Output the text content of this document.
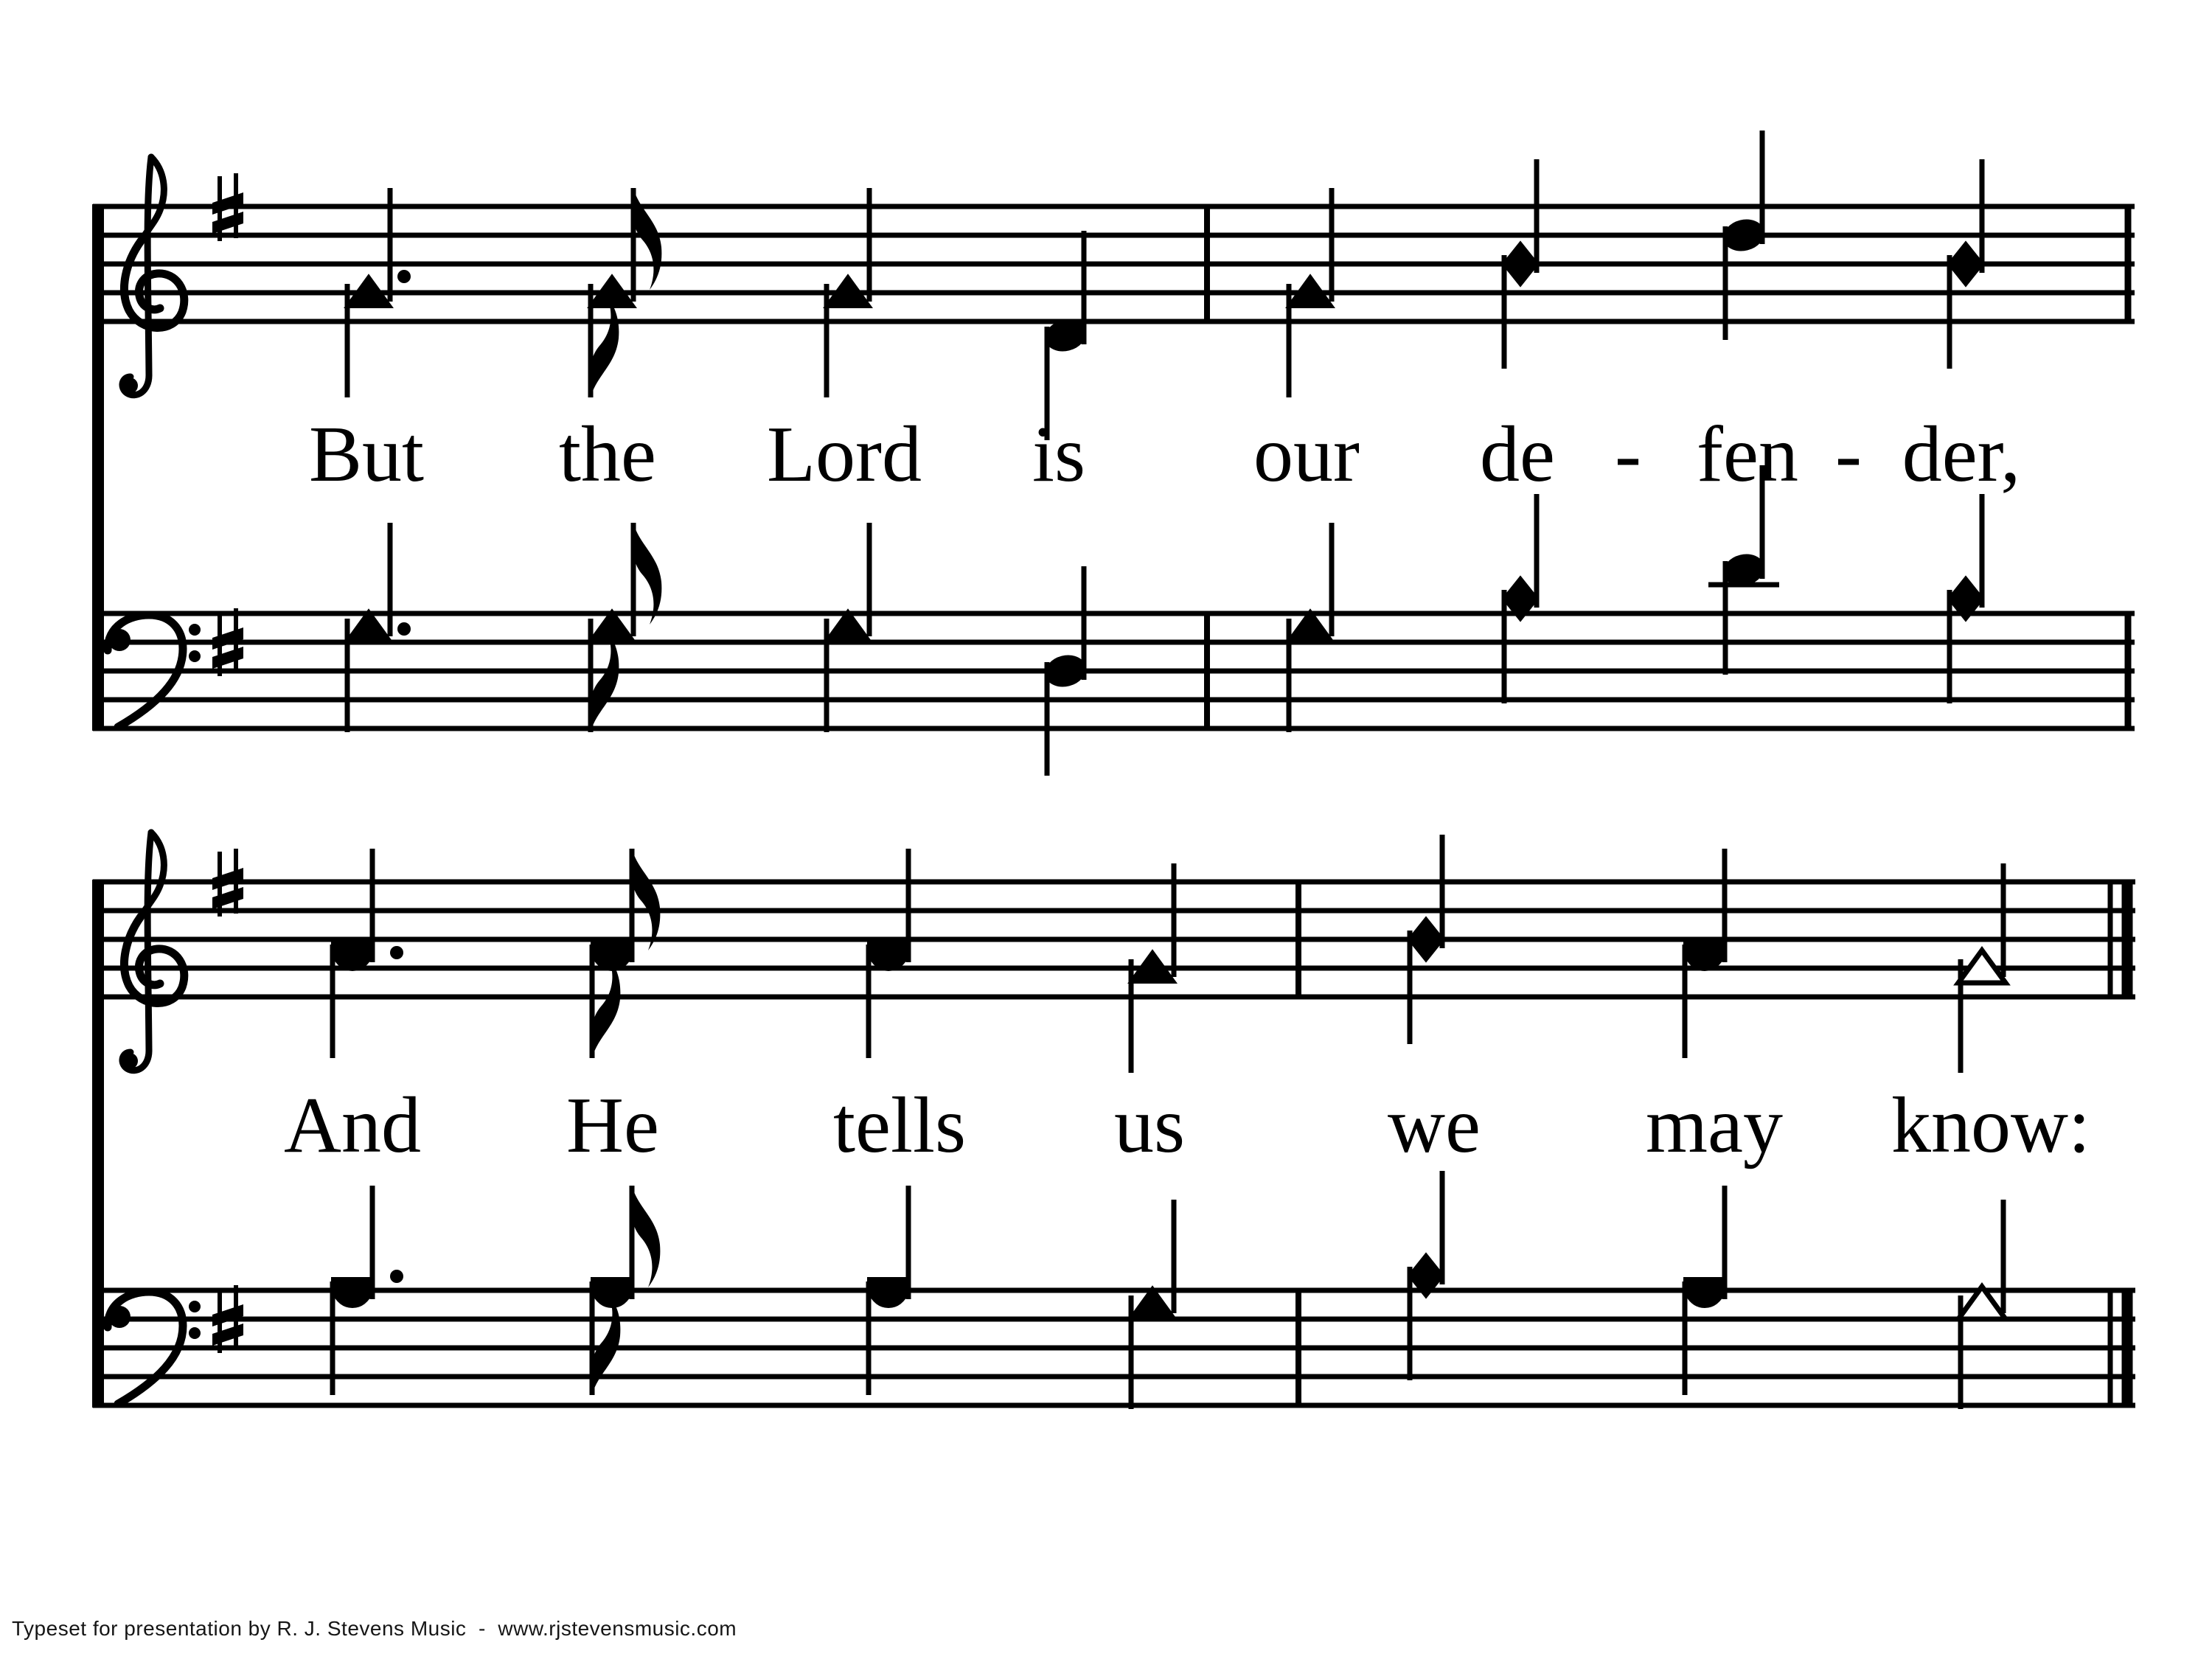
But the Lord is our de - fen - der,
And He tells us	we may know:
Typeset for presentation by R. J. Stevens Music  -  www.rjstevensmusic.com
